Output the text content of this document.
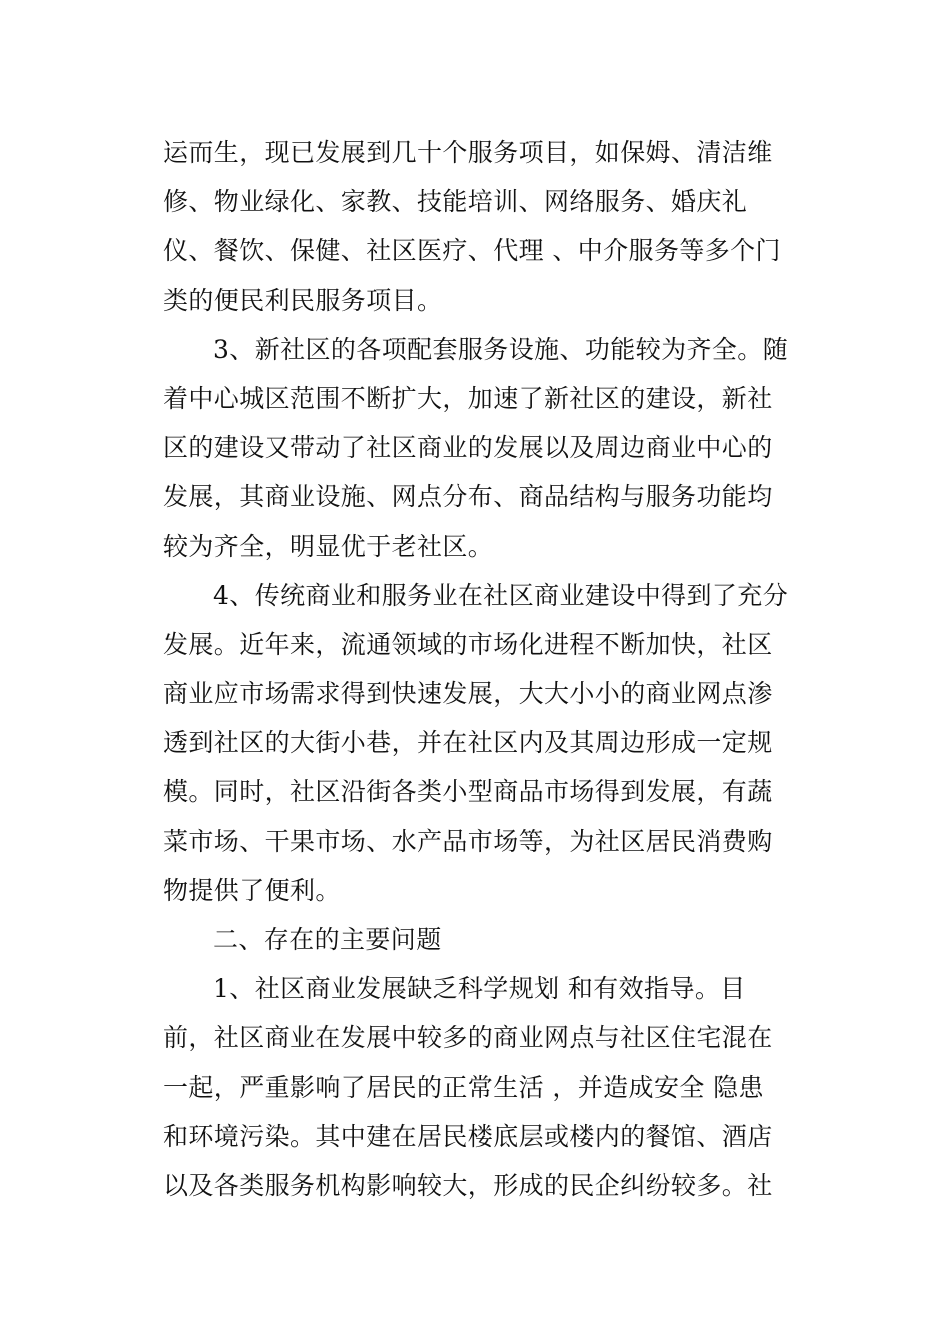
运而生，现已发展到几十个服务项目，如保姆、清洁维
修、物业绿化、家教、技能培训、网络服务、婚庆礼
仪、餐饮、保健、社区医疗、代理 、中介服务等多个门
类的便民利民服务项目。
3、新社区的各项配套服务设施、功能较为齐全。随
着中心城区范围不断扩大，加速了新社区的建设，新社
区的建设又带动了社区商业的发展以及周边商业中心的
发展，其商业设施、网点分布、商品结构与服务功能均
较为齐全，明显优于老社区。
4、传统商业和服务业在社区商业建设中得到了充分
发展。近年来，流通领域的市场化进程不断加快，社区
商业应市场需求得到快速发展，大大小小的商业网点渗
透到社区的大街小巷，并在社区内及其周边形成一定规
模。同时，社区沿街各类小型商品市场得到发展，有蔬
菜市场、干果市场、水产品市场等，为社区居民消费购
物提供了便利。
二、存在的主要问题
1、社区商业发展缺乏科学规划 和有效指导。目
前，社区商业在发展中较多的商业网点与社区住宅混在
一起，严重影响了居民的正常生活 ，并造成安全 隐患
和环境污染。其中建在居民楼底层或楼内的餐馆、酒店
以及各类服务机构影响较大，形成的民企纠纷较多。社
